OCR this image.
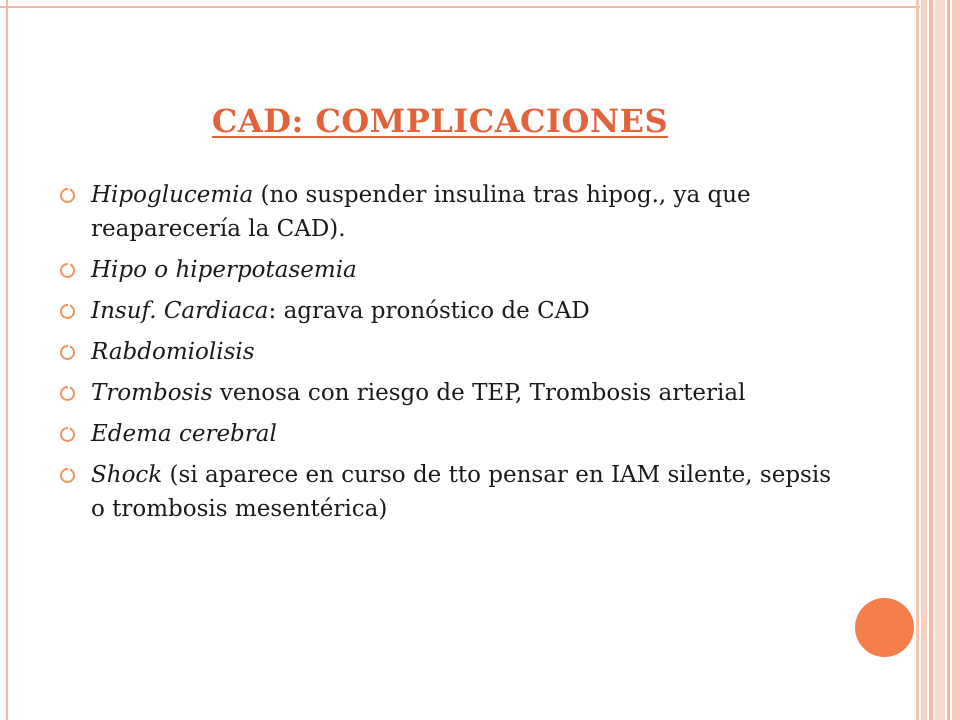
CAD: COMPLICACIONES
Hipoglucemia (no suspender insulina tras hipog., ya que reaparecería la CAD).
Hipo o hiperpotasemia
Insuf. Cardiaca: agrava pronóstico de CAD
Rabdomiolisis
Trombosis venosa con riesgo de TEP, Trombosis arterial
Edema cerebral
Shock (si aparece en curso de tto pensar en IAM silente, sepsis o trombosis mesentérica)
